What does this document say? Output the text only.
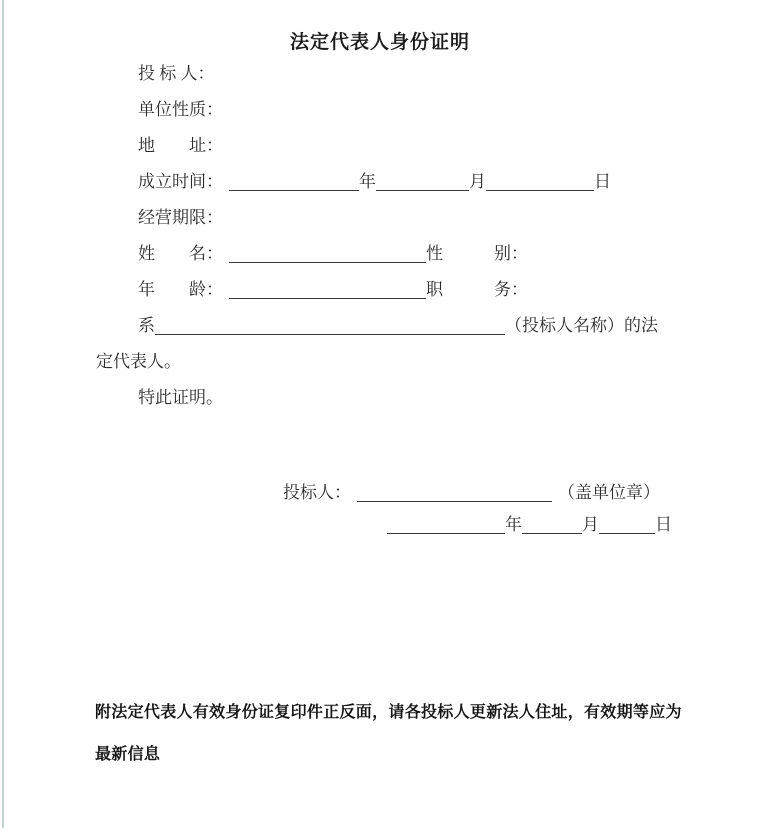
法定代表人身份证明
投 标 人：
单位性质：
地　　址：
成立时间：	年	月	日
经营期限：
姓　　名：	性　　　别：
年　　龄：	职　　　务：
系	（投标人名称）的法
定代表人。
特此证明。
投标人：	（盖单位章）
年	月	日
附法定代表人有效身份证复印件正反面，请各投标人更新法人住址，有效期等应为
最新信息
